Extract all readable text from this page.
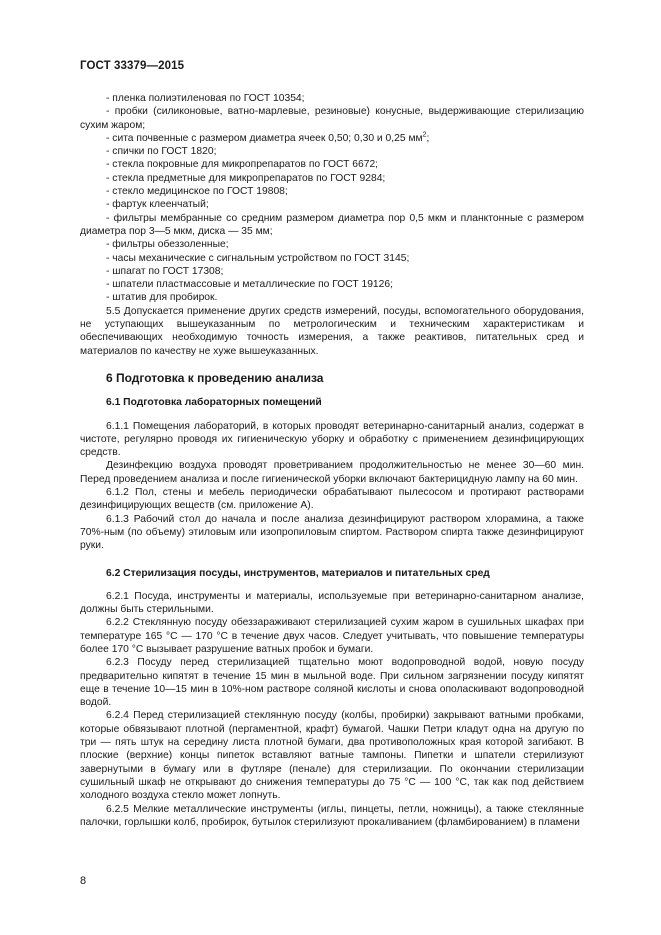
ГОСТ 33379—2015

- пленка полиэтиленовая по ГОСТ 10354;

- пробки (силиконовые, ватно-марлевые, резиновые) конусные, выдерживающие стерилизацию сухим жаром;

- сита почвенные с размером диаметра ячеек 0,50; 0,30 и 0,25 $мм^2$;

- спички по ГОСТ 1820;

- стекла покровные для микропрепаратов по ГОСТ 6672;

- стекла предметные для микропрепаратов по ГОСТ 9284;

- стекло медицинское по ГОСТ 19808;

- фартук клеенчатый;

- фильтры мембранные со средним размером диаметра пор 0,5 мкм и планктонные с размером диаметра пор 3—5 мкм, диска — 35 мм;

- фильтры обеззоленные;

- часы механические с сигнальным устройством по ГОСТ 3145;

- шпагат по ГОСТ 17308;

- шпатели пластмассовые и металлические по ГОСТ 19126;

- штатив для пробирок.

5.5 Допускается применение других средств измерений, посуды, вспомогательного оборудования, не уступающих вышеуказанным по метрологическим и техническим характеристикам и обеспечивающих необходимую точность измерения, а также реактивов, питательных сред и материалов по качеству не хуже вышеуказанных.

6 Подготовка к проведению анализа
6.1 Подготовка лабораторных помещений

6.1.1 Помещения лабораторий, в которых проводят ветеринарно-санитарный анализ, содержат в чистоте, регулярно проводя их гигиеническую уборку и обработку с применением дезинфицирующих средств.

Дезинфекцию воздуха проводят проветриванием продолжительностью не менее 30—60 мин. Перед проведением анализа и после гигиенической уборки включают бактерицидную лампу на 60 мин.

6.1.2 Пол, стены и мебель периодически обрабатывают пылесосом и протирают растворами дезинфицирующих веществ (см. приложение А).

6.1.3 Рабочий стол до начала и после анализа дезинфицируют раствором хлорамина, а также 70%-ным (по объему) этиловым или изопропиловым спиртом. Раствором спирта также дезинфицируют руки.

6.2 Стерилизация посуды, инструментов, материалов и питательных сред

6.2.1 Посуда, инструменты и материалы, используемые при ветеринарно-санитарном анализе, должны быть стерильными.

6.2.2 Стеклянную посуду обеззараживают стерилизацией сухим жаром в сушильных шкафах при температуре 165 °С — 170 °С в течение двух часов. Следует учитывать, что повышение температуры более 170 °С вызывает разрушение ватных пробок и бумаги.

6.2.3 Посуду перед стерилизацией тщательно моют водопроводной водой, новую посуду предварительно кипятят в течение 15 мин в мыльной воде. При сильном загрязнении посуду кипятят еще в течение 10—15 мин в 10%-ном растворе соляной кислоты и снова ополаскивают водопроводной водой.

6.2.4 Перед стерилизацией стеклянную посуду (колбы, пробирки) закрывают ватными пробками, которые обвязывают плотной (пергаментной, крафт) бумагой. Чашки Петри кладут одна на другую по три — пять штук на середину листа плотной бумаги, два противоположных края которой загибают. В плоские (верхние) концы пипеток вставляют ватные тампоны. Пипетки и шпатели стерилизуют завернутыми в бумагу или в футляре (пенале) для стерилизации. По окончании стерилизации сушильный шкаф не открывают до снижения температуры до 75 °С — 100 °С, так как под действием холодного воздуха стекло может лопнуть.

6.2.5 Мелкие металлические инструменты (иглы, пинцеты, петли, ножницы), а также стеклянные палочки, горлышки колб, пробирок, бутылок стерилизуют прокаливанием (фламбированием) в пламени

8
